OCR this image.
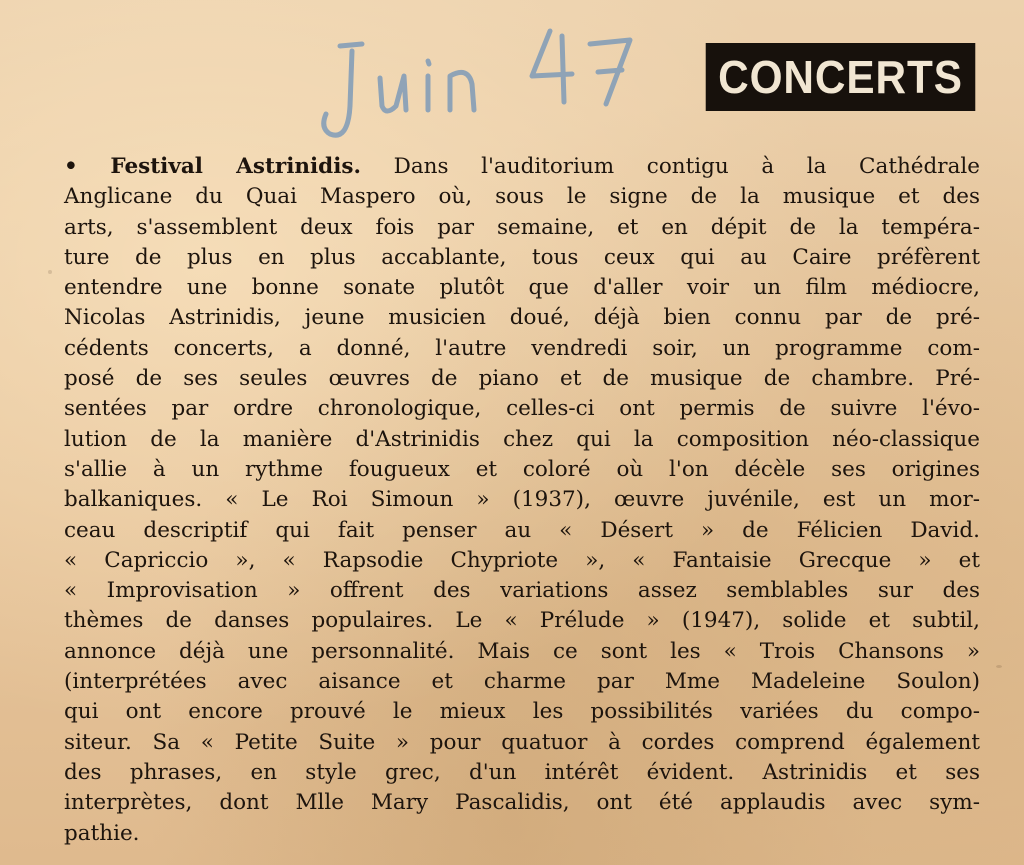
CONCERTS
• Festival Astrinidis. Dans l'auditorium contigu à la Cathédrale
Anglicane du Quai Maspero où, sous le signe de la musique et des
arts, s'assemblent deux fois par semaine, et en dépit de la tempéra-
ture de plus en plus accablante, tous ceux qui au Caire préfèrent
entendre une bonne sonate plutôt que d'aller voir un film médiocre,
Nicolas Astrinidis, jeune musicien doué, déjà bien connu par de pré-
cédents concerts, a donné, l'autre vendredi soir, un programme com-
posé de ses seules œuvres de piano et de musique de chambre. Pré-
sentées par ordre chronologique, celles-ci ont permis de suivre l'évo-
lution de la manière d'Astrinidis chez qui la composition néo-classique
s'allie à un rythme fougueux et coloré où l'on décèle ses origines
balkaniques. « Le Roi Simoun » (1937), œuvre juvénile, est un mor-
ceau descriptif qui fait penser au « Désert » de Félicien David.
« Capriccio », « Rapsodie Chypriote », « Fantaisie Grecque » et
« Improvisation » offrent des variations assez semblables sur des
thèmes de danses populaires. Le « Prélude » (1947), solide et subtil,
annonce déjà une personnalité. Mais ce sont les « Trois Chansons »
(interprétées avec aisance et charme par Mme Madeleine Soulon)
qui ont encore prouvé le mieux les possibilités variées du compo-
siteur. Sa « Petite Suite » pour quatuor à cordes comprend également
des phrases, en style grec, d'un intérêt évident. Astrinidis et ses
interprètes, dont Mlle Mary Pascalidis, ont été applaudis avec sym-
pathie.
